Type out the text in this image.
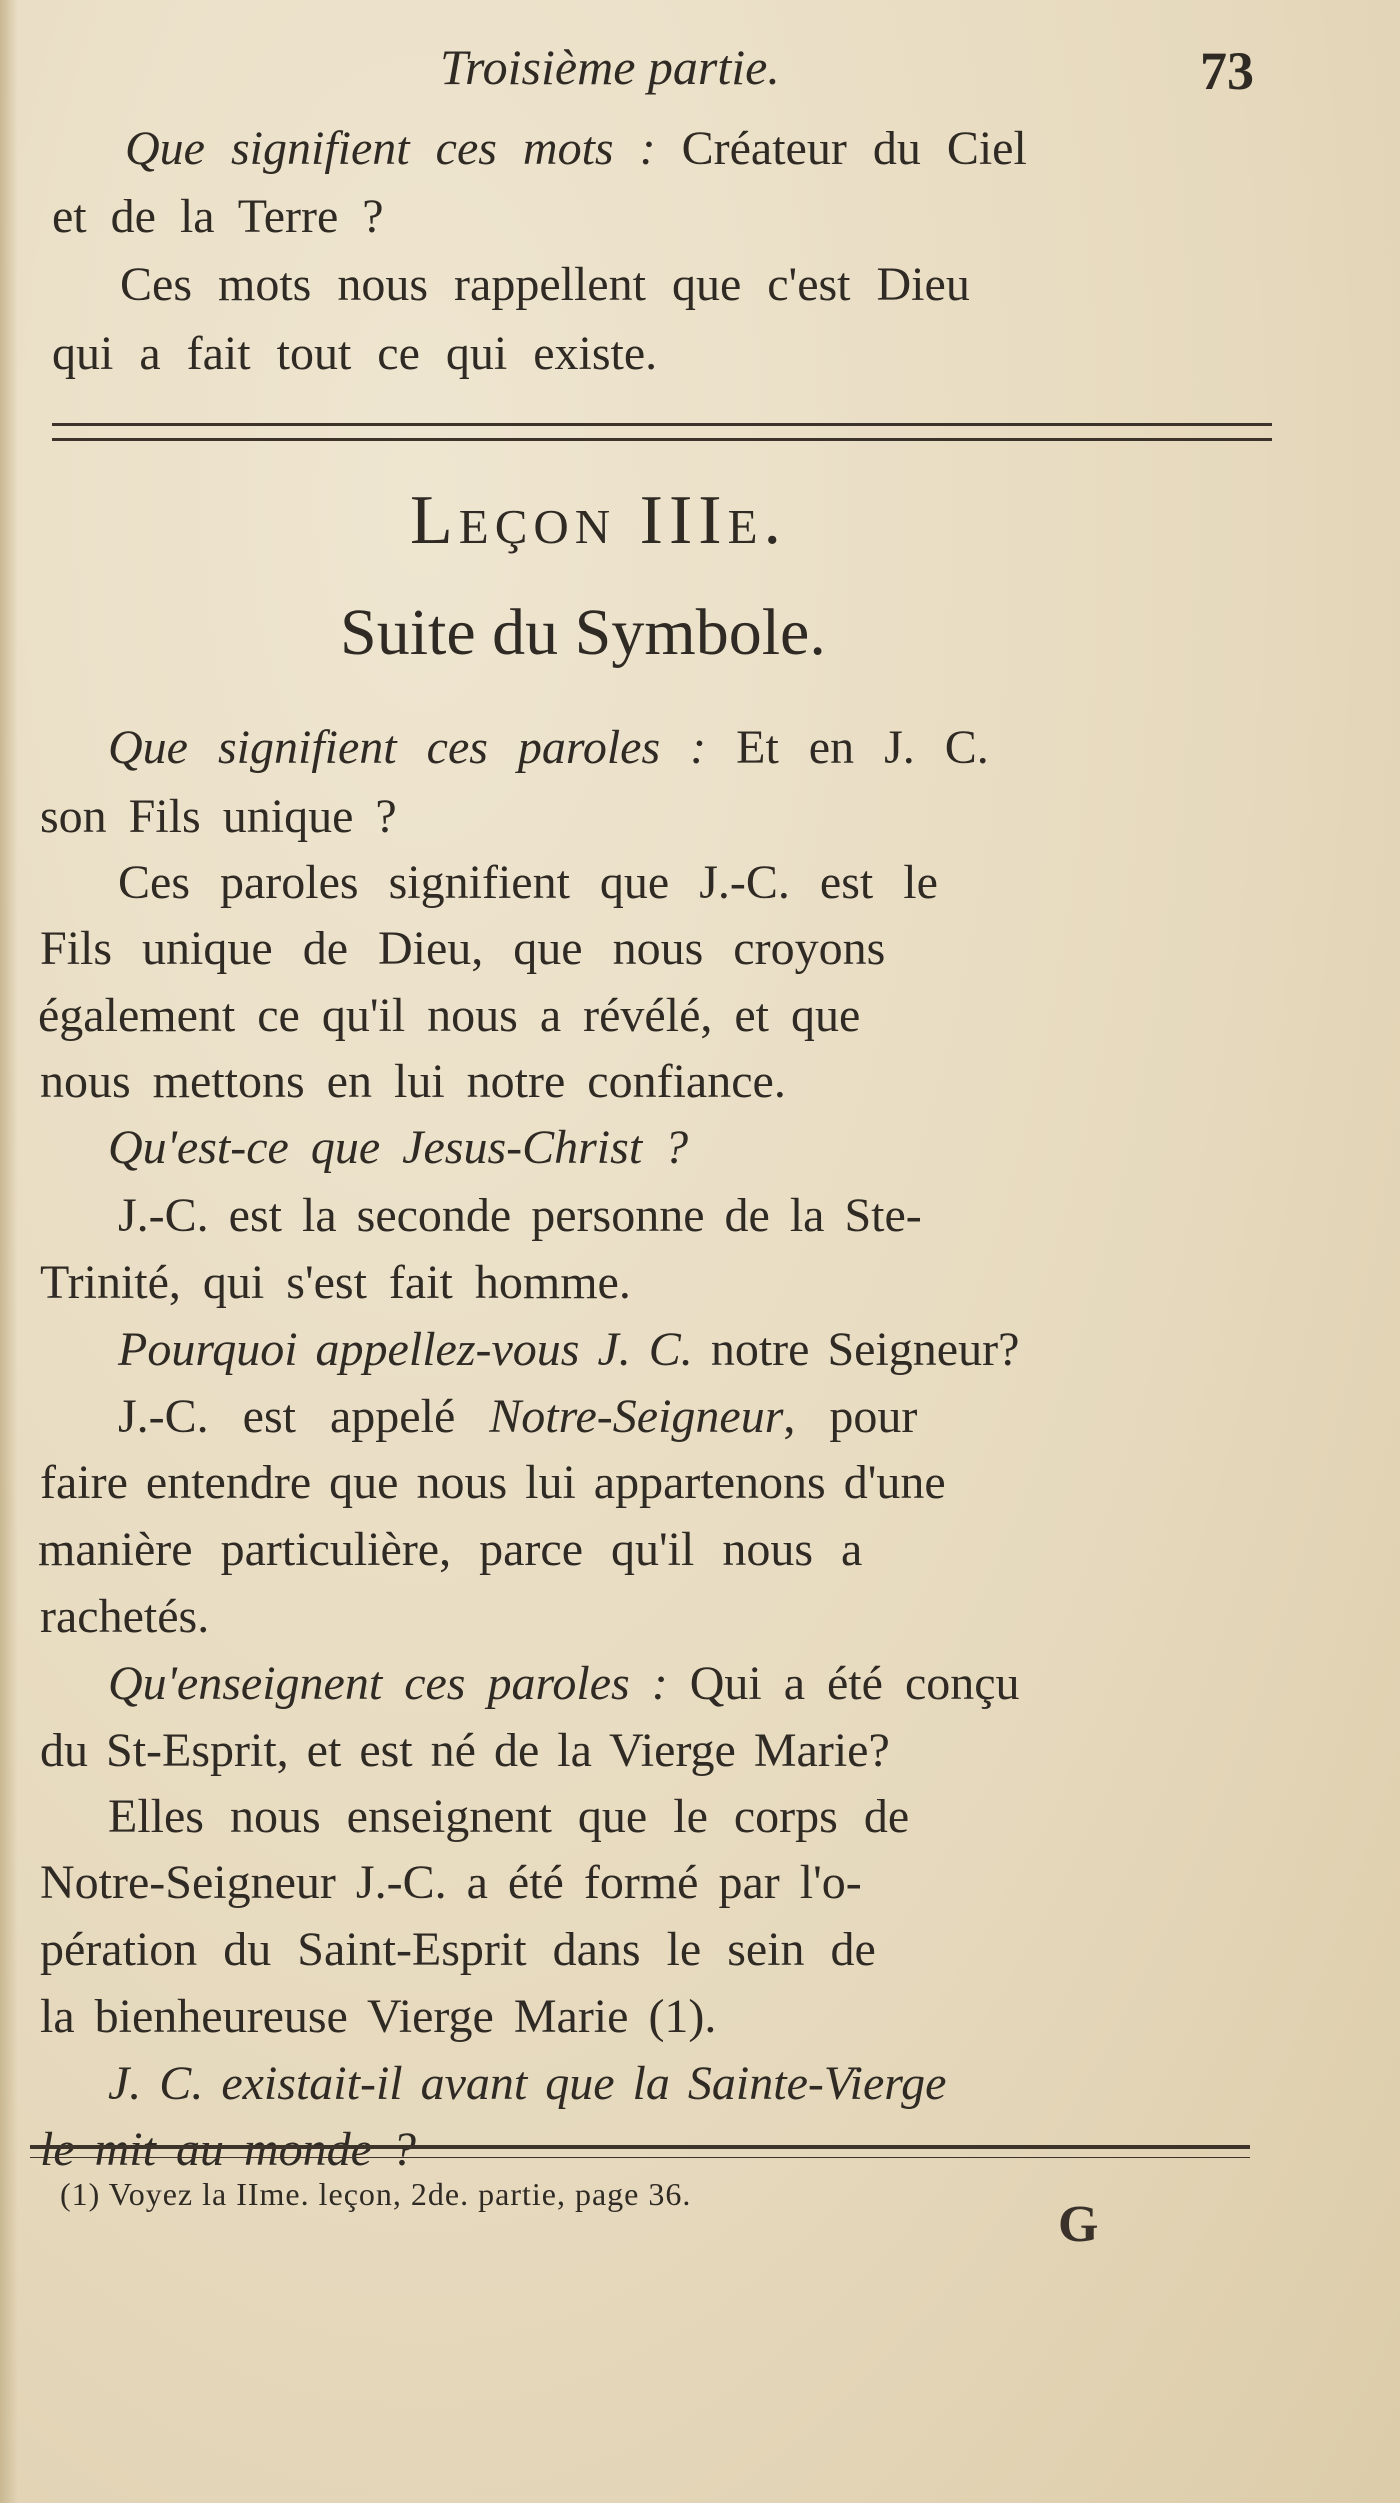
Troisième partie.	73
Que signifient ces mots : Créateur du Ciel
et de la Terre ?
Ces mots nous rappellent que c'est Dieu
qui a fait tout ce qui existe.
Leçon IIIe.
Suite du Symbole.
Que signifient ces paroles : Et en J. C.
son Fils unique ?
Ces paroles signifient que J.-C. est le
Fils unique de Dieu, que nous croyons
également ce qu'il nous a révélé, et que
nous mettons en lui notre confiance.
Qu'est-ce que Jesus-Christ ?
J.-C. est la seconde personne de la Ste-
Trinité, qui s'est fait homme.
Pourquoi appellez-vous J. C. notre Seigneur?
J.-C. est appelé Notre-Seigneur, pour
faire entendre que nous lui appartenons d'une
manière particulière, parce qu'il nous a
rachetés.
Qu'enseignent ces paroles : Qui a été conçu
du St-Esprit, et est né de la Vierge Marie?
Elles nous enseignent que le corps de
Notre-Seigneur J.-C. a été formé par l'o-
pération du Saint-Esprit dans le sein de
la bienheureuse Vierge Marie (1).
J. C. existait-il avant que la Sainte-Vierge
le mit au monde ?
(1) Voyez la IIme. leçon, 2de. partie, page 36.
G
